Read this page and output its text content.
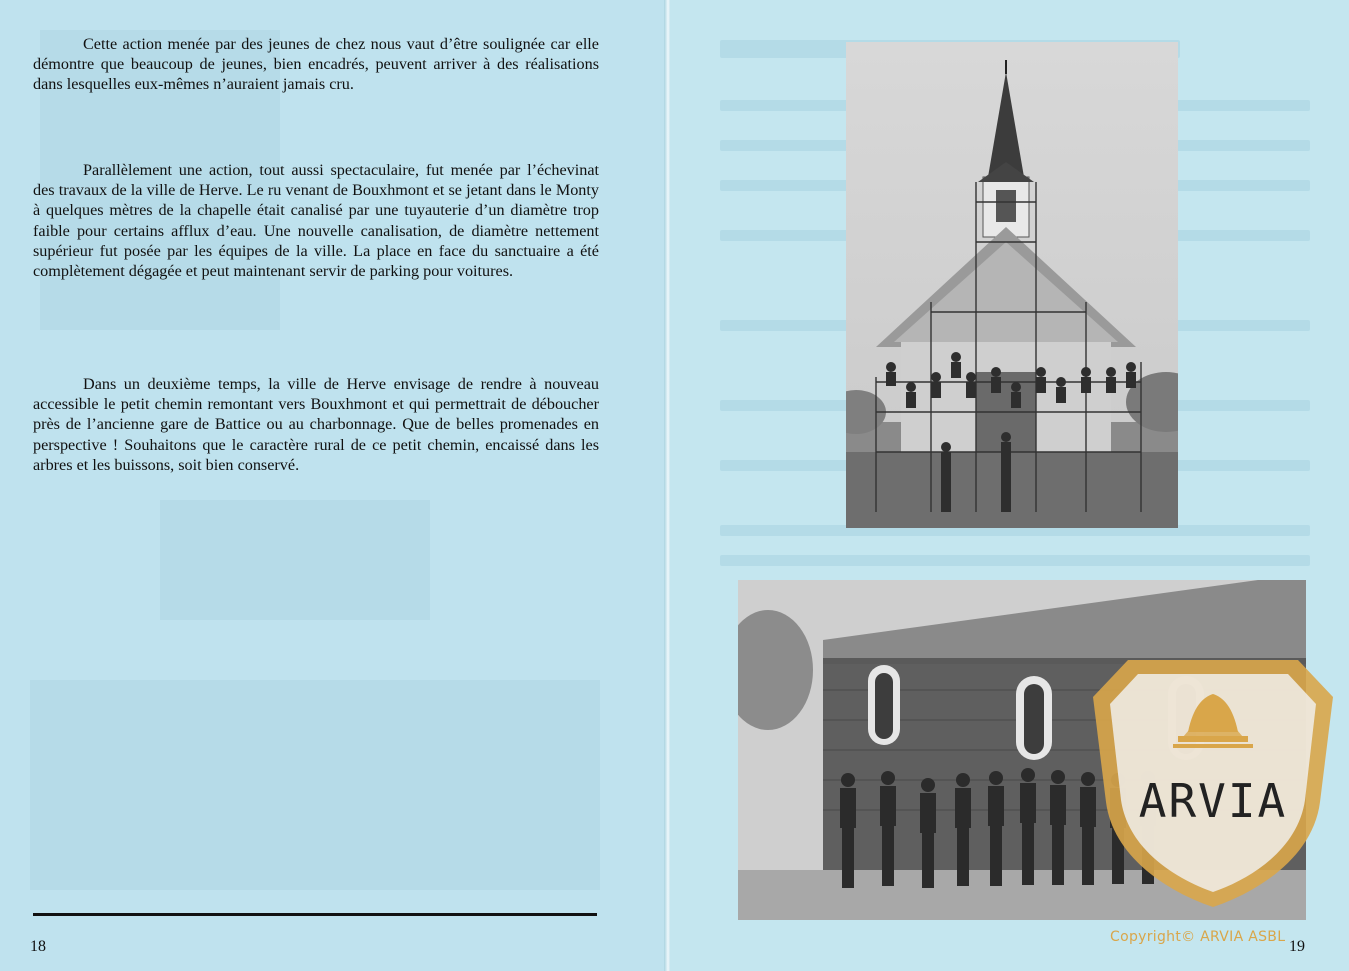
Cette action menée par des jeunes de chez nous vaut d’être soulignée car elle démontre que beaucoup de jeunes, bien encadrés, peuvent arriver à des réalisations dans lesquelles eux-mêmes n’auraient jamais cru.

Parallèlement une action, tout aussi spectaculaire, fut menée par l’échevinat des travaux de la ville de Herve. Le ru venant de Bouxhmont et se jetant dans le Monty à quelques mètres de la chapelle était canalisé par une tuyauterie d’un diamètre trop faible pour certains afflux d’eau. Une nouvelle canalisation, de diamètre nettement supérieur fut posée par les équipes de la ville. La place en face du sanctuaire a été complètement dégagée et peut maintenant servir de parking pour voitures.

Dans un deuxième temps, la ville de Herve envisage de rendre à nouveau accessible le petit chemin remontant vers Bouxhmont et qui permettrait de déboucher près de l’ancienne gare de Battice ou au charbonnage. Que de belles promenades en perspective ! Souhaitons que le caractère rural de ce petit chemin, encaissé dans les arbres et les buissons, soit bien conservé.

18	19
ARVIA
Copyright© ARVIA ASBL
